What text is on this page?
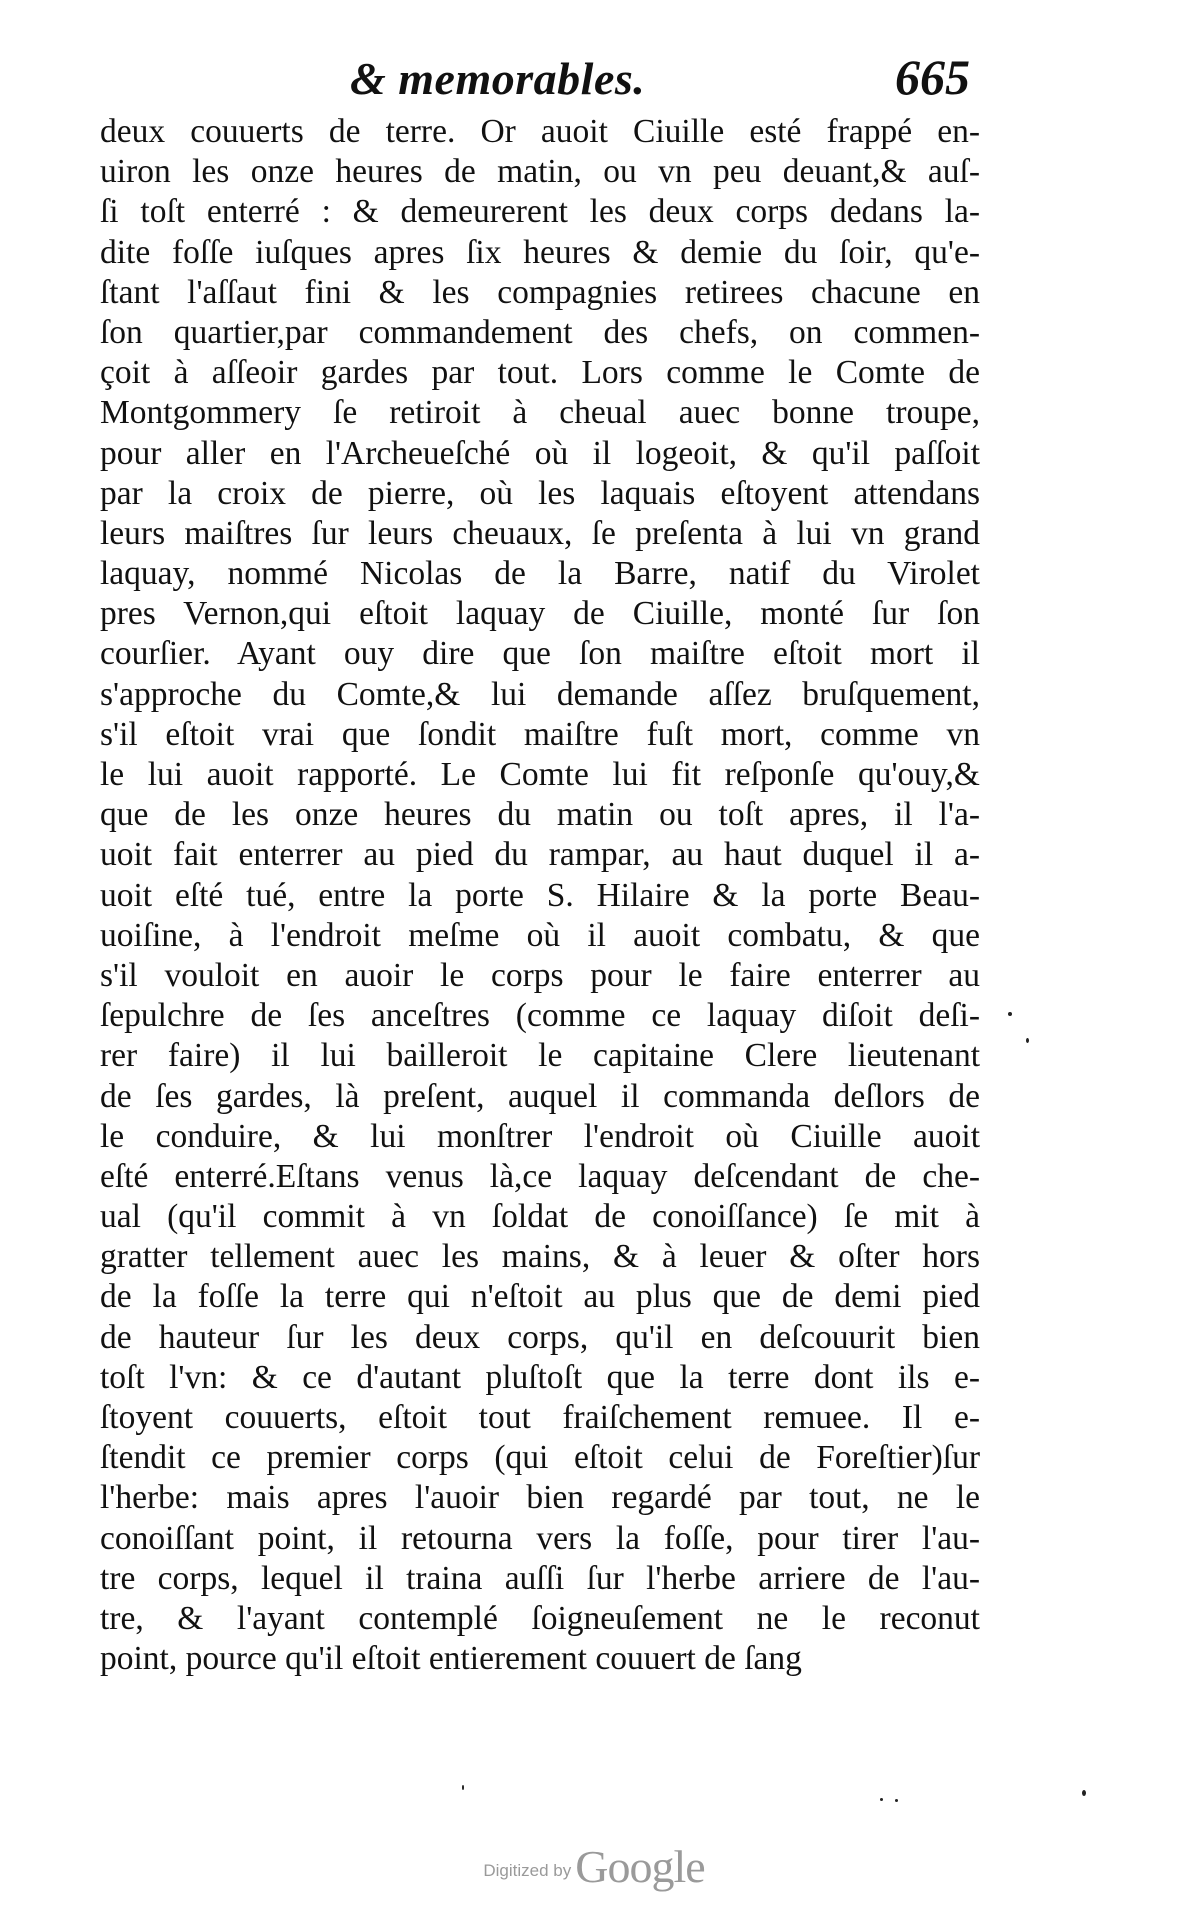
& memorables.	665
deux couuerts de terre. Or auoit Ciuille esté frappé en-
uiron les onze heures de matin, ou vn peu deuant,& auſ-
ſi toſt enterré : & demeurerent les deux corps dedans la-
dite foſſe iuſques apres ſix heures & demie du ſoir, qu'e-
ſtant l'aſſaut fini & les compagnies retirees chacune en
ſon quartier,par commandement des chefs, on commen-
çoit à aſſeoir gardes par tout. Lors comme le Comte de
Montgommery ſe retiroit à cheual auec bonne troupe,
pour aller en l'Archeueſché où il logeoit, & qu'il paſſoit
par la croix de pierre, où les laquais eſtoyent attendans
leurs maiſtres ſur leurs cheuaux, ſe preſenta à lui vn grand
laquay, nommé Nicolas de la Barre, natif du Virolet
pres Vernon,qui eſtoit laquay de Ciuille, monté ſur ſon
courſier. Ayant ouy dire que ſon maiſtre eſtoit mort il
s'approche du Comte,& lui demande aſſez bruſquement,
s'il eſtoit vrai que ſondit maiſtre fuſt mort, comme vn
le lui auoit rapporté. Le Comte lui fit reſponſe qu'ouy,&
que de les onze heures du matin ou toſt apres, il l'a-
uoit fait enterrer au pied du rampar, au haut duquel il a-
uoit eſté tué, entre la porte S. Hilaire & la porte Beau-
uoiſine, à l'endroit meſme où il auoit combatu, & que
s'il vouloit en auoir le corps pour le faire enterrer au
ſepulchre de ſes anceſtres (comme ce laquay diſoit deſi-
rer faire) il lui bailleroit le capitaine Clere lieutenant
de ſes gardes, là preſent, auquel il commanda deſlors de
le conduire, & lui monſtrer l'endroit où Ciuille auoit
eſté enterré.Eſtans venus là,ce laquay deſcendant de che-
ual (qu'il commit à vn ſoldat de conoiſſance) ſe mit à
gratter tellement auec les mains, & à leuer & oſter hors
de la foſſe la terre qui n'eſtoit au plus que de demi pied
de hauteur ſur les deux corps, qu'il en deſcouurit bien
toſt l'vn: & ce d'autant pluſtoſt que la terre dont ils e-
ſtoyent couuerts, eſtoit tout fraiſchement remuee. Il e-
ſtendit ce premier corps (qui eſtoit celui de Foreſtier)ſur
l'herbe: mais apres l'auoir bien regardé par tout, ne le
conoiſſant point, il retourna vers la foſſe, pour tirer l'au-
tre corps, lequel il traina auſſi ſur l'herbe arriere de l'au-
tre, & l'ayant contemplé ſoigneuſement ne le reconut
point, pource qu'il eſtoit entierement couuert de ſang
Digitized by Google
